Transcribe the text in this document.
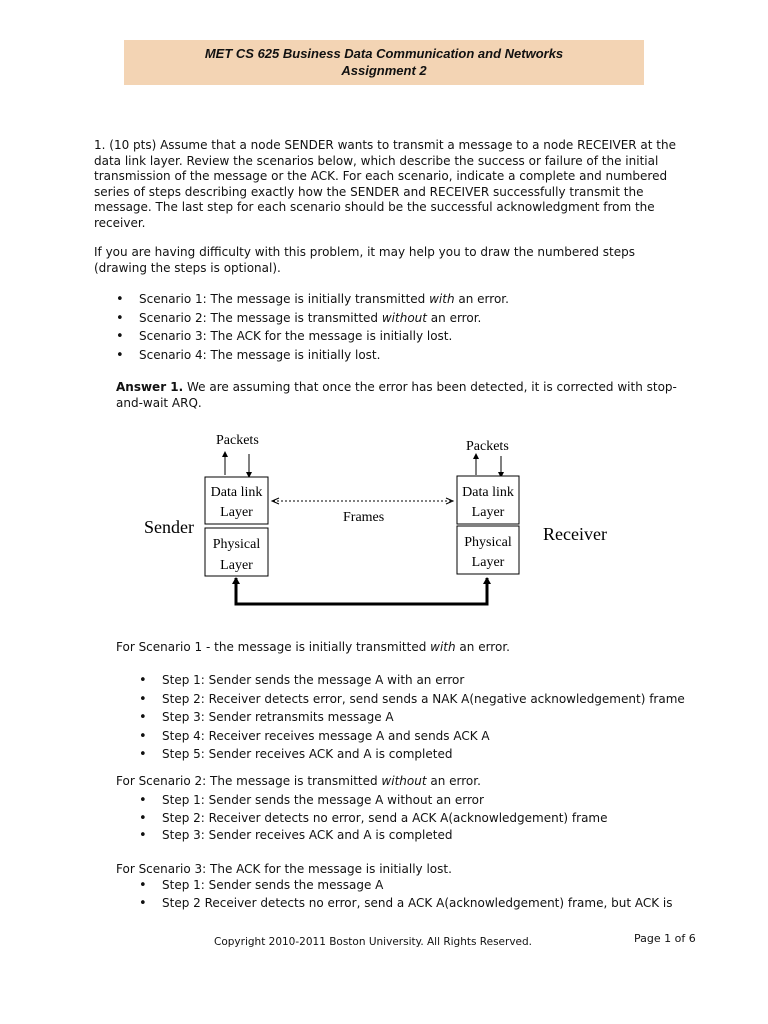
MET CS 625 Business Data Communication and Networks
Assignment 2
1. (10 pts) Assume that a node SENDER wants to transmit a message to a node RECEIVER at the
data link layer. Review the scenarios below, which describe the success or failure of the initial
transmission of the message or the ACK. For each scenario, indicate a complete and numbered
series of steps describing exactly how the SENDER and RECEIVER successfully transmit the
message. The last step for each scenario should be the successful acknowledgment from the
receiver.
If you are having difficulty with this problem, it may help you to draw the numbered steps
(drawing the steps is optional).
• Scenario 1: The message is initially transmitted with an error.
• Scenario 2: The message is transmitted without an error.
• Scenario 3: The ACK for the message is initially lost.
• Scenario 4: The message is initially lost.
Answer 1. We are assuming that once the error has been detected, it is corrected with stop-
and-wait ARQ.
Packets	Packets
Data link
Layer
Physical
Layer
Data link
Layer
Physical
Layer
Sender	Receiver
Frames
For Scenario 1 - the message is initially transmitted with an error.
• Step 1: Sender sends the message A with an error
• Step 2: Receiver detects error, send sends a NAK A(negative acknowledgement) frame
• Step 3: Sender retransmits message A
• Step 4: Receiver receives message A and sends ACK A
• Step 5: Sender receives ACK and A is completed
For Scenario 2: The message is transmitted without an error.
• Step 1: Sender sends the message A without an error
• Step 2: Receiver detects no error, send a ACK A(acknowledgement) frame
• Step 3: Sender receives ACK and A is completed
For Scenario 3: The ACK for the message is initially lost.
• Step 1: Sender sends the message A
• Step 2 Receiver detects no error, send a ACK A(acknowledgement) frame, but ACK is
Copyright 2010-2011 Boston University. All Rights Reserved.	Page 1 of 6
